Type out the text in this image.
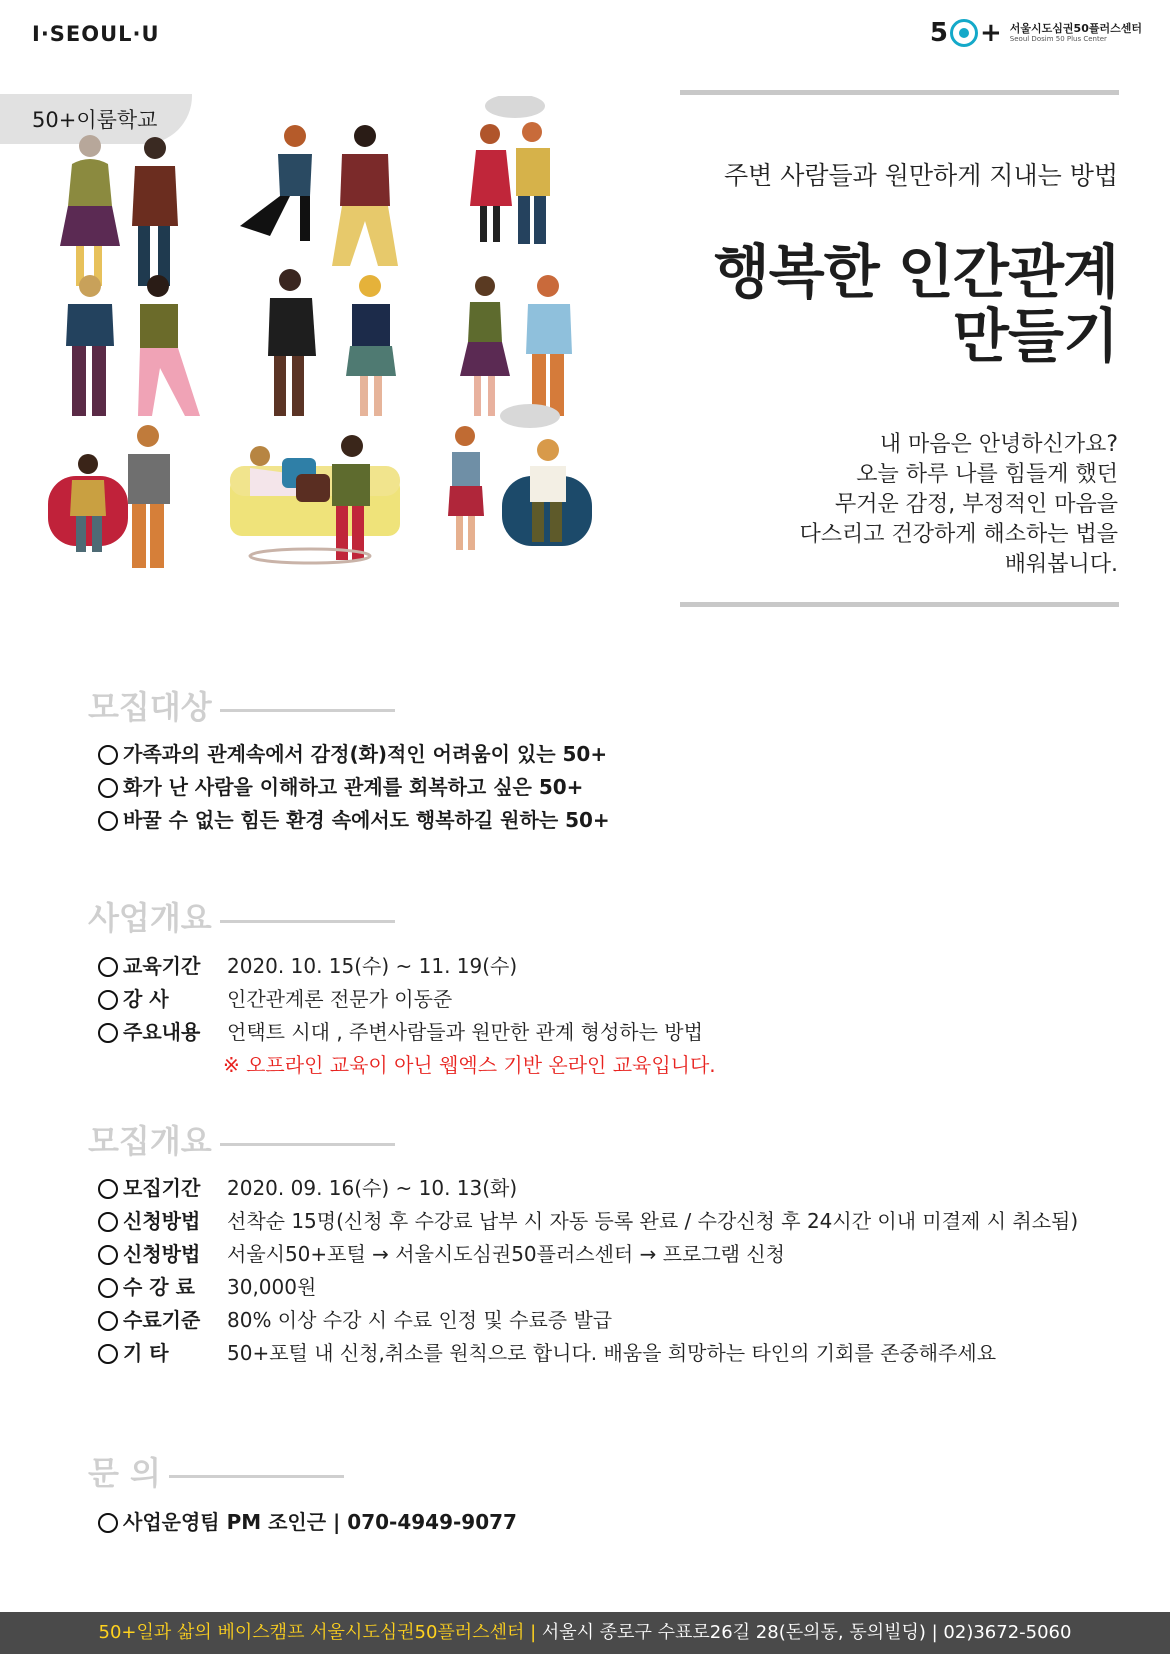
I·SEOUL·U	5 + 서울시도심권50플러스센터
Seoul Dosim 50 Plus Center
50+이룸학교
주변 사람들과 원만하게 지내는 방법
행복한 인간관계
만들기
내 마음은 안녕하신가요?
오늘 하루 나를 힘들게 했던
무거운 감정, 부정적인 마음을
다스리고 건강하게 해소하는 법을
배워봅니다.
모집대상
가족과의 관계속에서 감정(화)적인 어려움이 있는 50+
화가 난 사람을 이해하고 관계를 회복하고 싶은 50+
바꿀 수 없는 힘든 환경 속에서도 행복하길 원하는 50+
사업개요
교육기간	2020. 10. 15(수) ~ 11. 19(수)
강 사	인간관계론 전문가 이동준
주요내용	언택트 시대 , 주변사람들과 원만한 관계 형성하는 방법
※ 오프라인 교육이 아닌 웹엑스 기반 온라인 교육입니다.
모집개요
모집기간	2020. 09. 16(수) ~ 10. 13(화)
신청방법	선착순 15명(신청 후 수강료 납부 시 자동 등록 완료 / 수강신청 후 24시간 이내 미결제 시 취소됨)
신청방법	서울시50+포털 → 서울시도심권50플러스센터 → 프로그램 신청
수 강 료	30,000원
수료기준	80% 이상 수강 시 수료 인정 및 수료증 발급
기 타	50+포털 내 신청,취소를 원칙으로 합니다. 배움을 희망하는 타인의 기회를 존중해주세요
문 의
사업운영팀 PM 조인근 | 070-4949-9077
50+일과 삶의 베이스캠프 서울시도심권50플러스센터 | 서울시 종로구 수표로26길 28(돈의동, 동의빌딩) | 02)3672-5060
